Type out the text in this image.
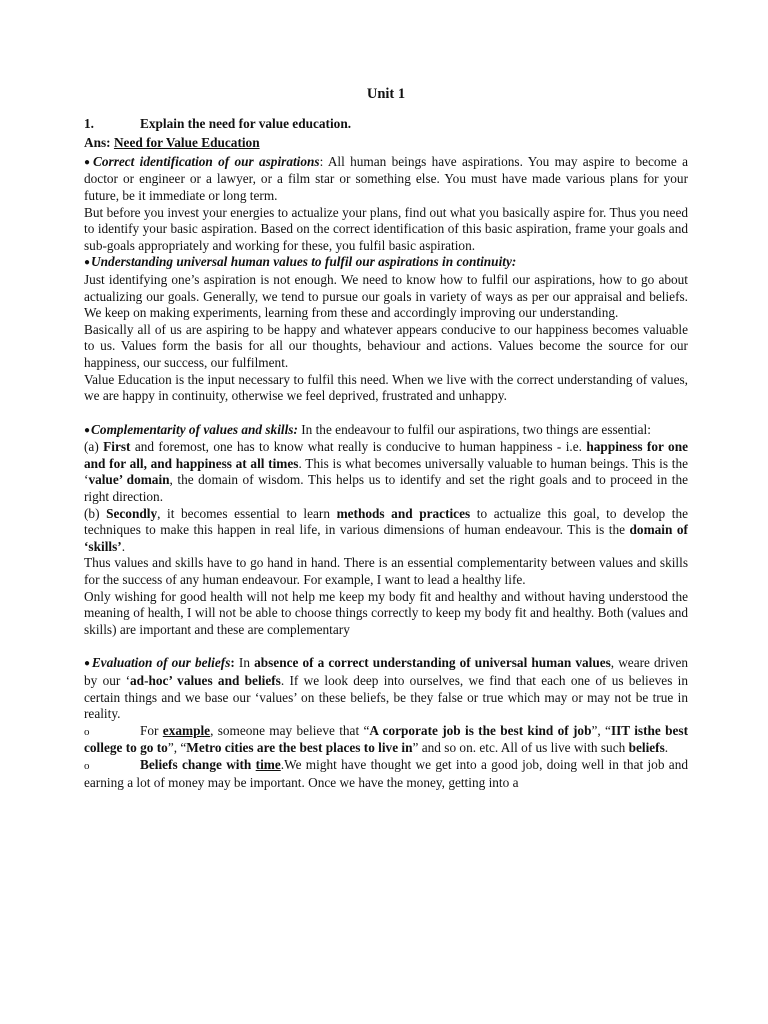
Unit 1

1.	Explain the need for value education.

Ans: Need for Value Education

●Correct identification of our aspirations: All human beings have aspirations. You may aspire to become a doctor or engineer or a lawyer, or a film star or something else. You must have made various plans for your future, be it immediate or long term.

But before you invest your energies to actualize your plans, find out what you basically aspire for. Thus you need to identify your basic aspiration. Based on the correct identification of this basic aspiration, frame your goals and sub-goals appropriately and working for these, you fulfil basic aspiration.

●Understanding universal human values to fulfil our aspirations in continuity:

Just identifying one’s aspiration is not enough. We need to know how to fulfil our aspirations, how to go about actualizing our goals. Generally, we tend to pursue our goals in variety of ways as per our appraisal and beliefs. We keep on making experiments, learning from these and accordingly improving our understanding.

Basically all of us are aspiring to be happy and whatever appears conducive to our happiness becomes valuable to us. Values form the basis for all our thoughts, behaviour and actions. Values become the source for our happiness, our success, our fulfilment.

Value Education is the input necessary to fulfil this need. When we live with the correct understanding of values, we are happy in continuity, otherwise we feel deprived, frustrated and unhappy.

●Complementarity of values and skills: In the endeavour to fulfil our aspirations, two things are essential:

(a) First and foremost, one has to know what really is conducive to human happiness - i.e. happiness for one and for all, and happiness at all times. This is what becomes universally valuable to human beings. This is the ‘value’ domain, the domain of wisdom. This helps us to identify and set the right goals and to proceed in the right direction.

(b) Secondly, it becomes essential to learn methods and practices to actualize this goal, to develop the techniques to make this happen in real life, in various dimensions of human endeavour. This is the domain of ‘skills’.

Thus values and skills have to go hand in hand. There is an essential complementarity between values and skills for the success of any human endeavour. For example, I want to lead a healthy life.

Only wishing for good health will not help me keep my body fit and healthy and without having understood the meaning of health, I will not be able to choose things correctly to keep my body fit and healthy. Both (values and skills) are important and these are complementary

●Evaluation of our beliefs: In absence of a correct understanding of universal human values, weare driven by our ‘ad-hoc’ values and beliefs. If we look deep into ourselves, we find that each one of us believes in certain things and we base our ‘values’ on these beliefs, be they false or true which may or may not be true in reality.

o	For example, someone may believe that “A corporate job is the best kind of job”, “IIT isthe best college to go to”, “Metro cities are the best places to live in” and so on. etc. All of us live with such beliefs.

o	Beliefs change with time.We might have thought we get into a good job, doing well in that job and earning a lot of money may be important. Once we have the money, getting into a
